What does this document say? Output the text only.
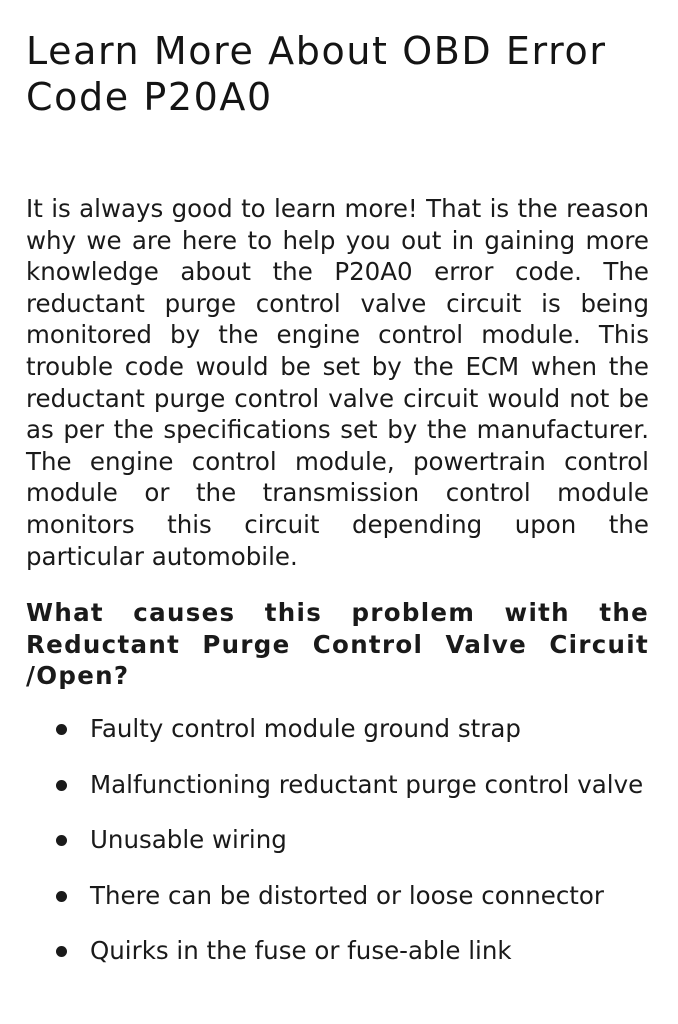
Learn More About OBD Error Code P20A0

It is always good to learn more! That is the reason why we are here to help you out in gaining more knowledge about the P20A0 error code. The reductant purge control valve circuit is being monitored by the engine control module. This trouble code would be set by the ECM when the reductant purge control valve circuit would not be as per the specifications set by the manufacturer. The engine control module, powertrain control module or the transmission control module monitors this circuit depending upon the particular automobile.

What causes this problem with the Reductant Purge Control Valve Circuit /Open?
Faulty control module ground strap
Malfunctioning reductant purge control valve
Unusable wiring
There can be distorted or loose connector
Quirks in the fuse or fuse-able link
